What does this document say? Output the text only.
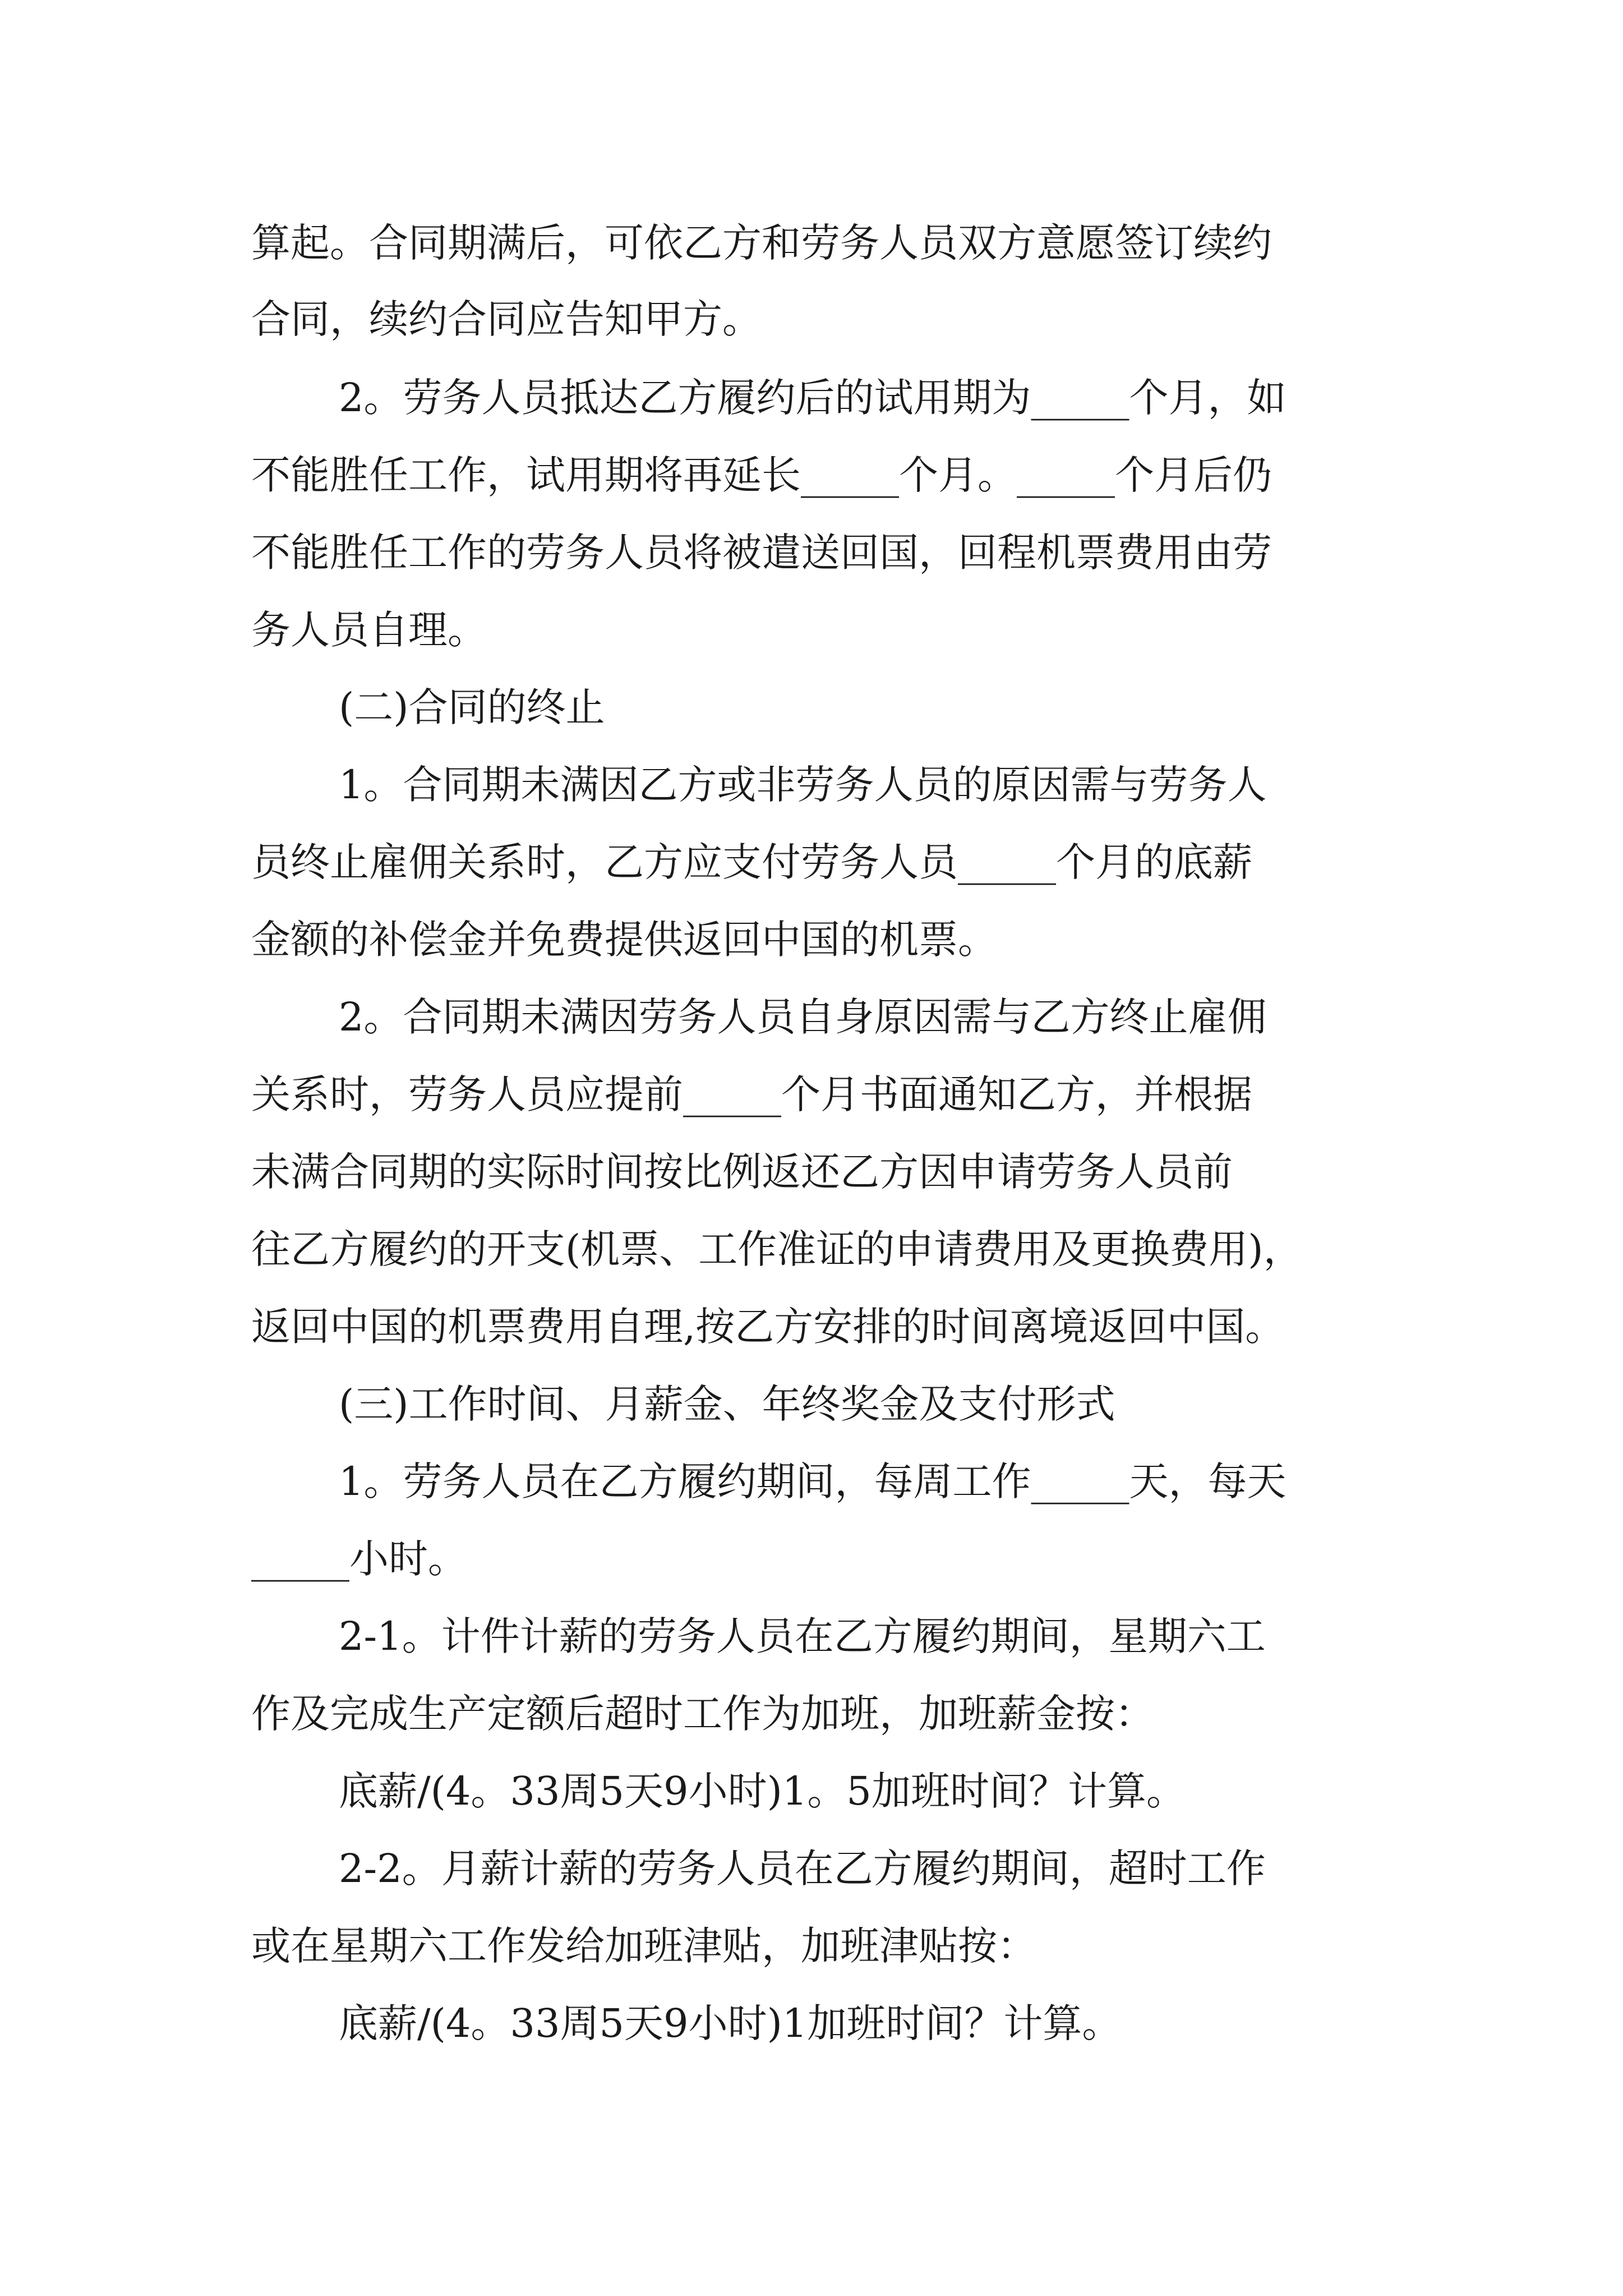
算起。合同期满后，可依乙方和劳务人员双方意愿签订续约
合同，续约合同应告知甲方。
2。劳务人员抵达乙方履约后的试用期为_____个月，如
不能胜任工作，试用期将再延长_____个月。_____个月后仍
不能胜任工作的劳务人员将被遣送回国，回程机票费用由劳
务人员自理。
(二)合同的终止
1。合同期未满因乙方或非劳务人员的原因需与劳务人
员终止雇佣关系时，乙方应支付劳务人员_____个月的底薪
金额的补偿金并免费提供返回中国的机票。
2。合同期未满因劳务人员自身原因需与乙方终止雇佣
关系时，劳务人员应提前_____个月书面通知乙方，并根据
未满合同期的实际时间按比例返还乙方因申请劳务人员前
往乙方履约的开支(机票、工作准证的申请费用及更换费用)，
返回中国的机票费用自理,按乙方安排的时间离境返回中国。
(三)工作时间、月薪金、年终奖金及支付形式
1。劳务人员在乙方履约期间，每周工作_____天，每天
_____小时。
2-1。计件计薪的劳务人员在乙方履约期间，星期六工
作及完成生产定额后超时工作为加班，加班薪金按：
底薪/(4。33周5天9小时)1。5加班时间？计算。
2-2。月薪计薪的劳务人员在乙方履约期间，超时工作
或在星期六工作发给加班津贴，加班津贴按：
底薪/(4。33周5天9小时)1加班时间？计算。
